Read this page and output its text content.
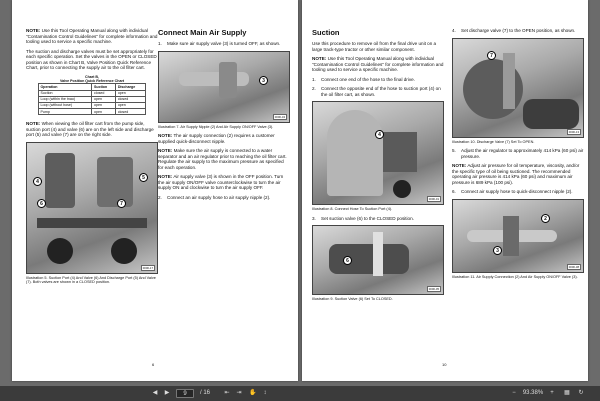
NOTE: Use this Tool Operating Manual along with individual "Contamination Control Guidelines" for complete information and tooling used to service a specific machine.

The suction and discharge valves must be set appropriately for each specific operation. Set the valves in the OPEN or CLOSED position as shown in Chart B, Valve Position Quick Reference Chart, prior to connecting the supply air to the oil filter cart.

Chart B,
Valve Position Quick Reference Chart
Operation	Suction	Discharge
Suction	closed	open
Loop (within the tnao)	open	closed
Loop (without hose)	open	open
Pump	open	closed

NOTE: When viewing the oil filter cart from the pump side, suction port (4) and valve (6) are on the left side and discharge port (5) and valve (7) are on the right side.

4
5
6	7
0000-17

Illustration 5. Suction Port (4) And Valve (6) And Discharge Port (5) And Valve (7). Both valves are shown in a CLOSED position.

Connect Main Air Supply
1.	Make sure air supply valve (3) is turned OFF, as shown.
3
0000-34

Illustration 7. Air Supply Nipple (2) And Air Supply ON/OFF Valve (3).

NOTE: The air supply connection (2) requires a customer supplied quick-disconnect nipple.

NOTE: Make sure the air supply is connected to a water separator and an air regulator prior to reaching the oil filter cart. Regulate the air supply to the maximum pressure as specified for each operation.

NOTE: Air supply valve (3) is shown in the OFF position. Turn the air supply ON/OFF valve counterclockwise to turn the air supply ON and clockwise to turn the air supply OFF.

2.	Connect an air supply hose to air supply nipple (2).
6
Suction

Use this procedure to remove oil from the final drive unit on a large track-type tractor or other similar component.

NOTE: Use this Tool Operating Manual along with individual "Contamination Control Guidelines" for complete information and tooling used to service a specific machine.

1.	Connect one end of the hose to the final drive.
2.	Connect the opposite end of the hose to suction port (4) on the oil filter cart, as shown.
4
0000-01

Illustration 8. Connect Hose To Suction Port (4).

3.	Set suction valve (6) to the CLOSED position.
6
0000-05

Illustration 9. Suction Valve (6) Set To CLOSED.

4.	Set discharge valve (7) to the OPEN position, as shown.
7
0000-13

Illustration 10. Discharge Valve (7) Set To OPEN.

5.	Adjust the air regulator to approximately 414 kPa (60 psi) air pressure.

NOTE: Adjust air pressure for oil temperature, viscosity, and/or the specific type of oil being suctioned. The recommended operating air pressure is 414 kPa (60 psi) and maximum air pressure is 689 kPa (100 psi).

6.	Connect air supply hose to quick-disconnect nipple (2).
2
3
0000-38

Illustration 11. Air Supply Connection (2) And Air Supply ON/OFF Valve (3).

10
◀	▶	9	/ 16	⇤	⇥	✋	↕	−	93.38%	+	▦	↻
